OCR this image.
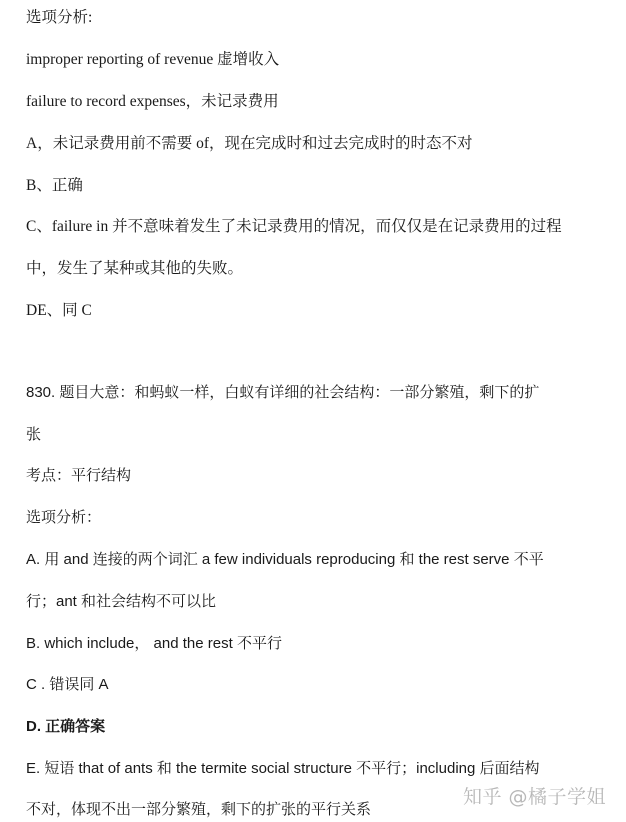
选项分析:
improper reporting of revenue 虚增收入
failure to record expenses，未记录费用
A，未记录费用前不需要 of，现在完成时和过去完成时的时态不对
B、正确
C、failure in 并不意味着发生了未记录费用的情况，而仅仅是在记录费用的过程
中，发生了某种或其他的失败。
DE、同 C
830. 题目大意：和蚂蚁一样，白蚁有详细的社会结构：一部分繁殖，剩下的扩
张
考点：平行结构
选项分析：
A. 用 and 连接的两个词汇 a few individuals reproducing 和 the rest serve 不平
行；ant 和社会结构不可以比
B. which include， and the rest 不平行
C . 错误同 A
D. 正确答案
E. 短语 that of ants 和 the termite social structure 不平行；including 后面结构
不对，体现不出一部分繁殖，剩下的扩张的平行关系
知乎 @橘子学姐
